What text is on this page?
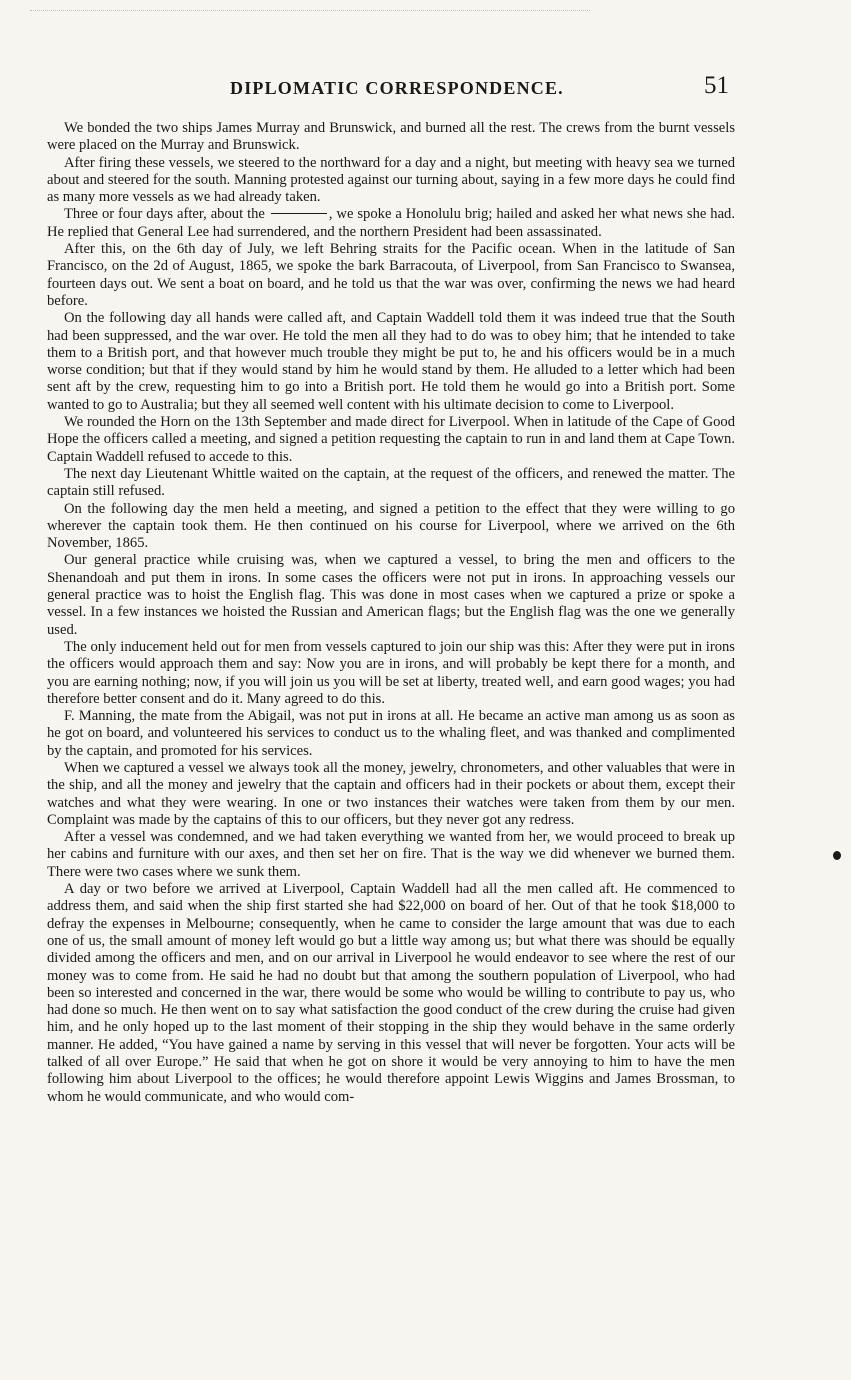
DIPLOMATIC CORRESPONDENCE.	51

We bonded the two ships James Murray and Brunswick, and burned all the rest. The crews from the burnt vessels were placed on the Murray and Brunswick.

After firing these vessels, we steered to the northward for a day and a night, but meeting with heavy sea we turned about and steered for the south. Manning protested against our turning about, saying in a few more days he could find as many more vessels as we had already taken.

Three or four days after, about the	, we spoke a Honolulu brig; hailed and asked her what news she had. He replied that General Lee had surrendered, and the northern President had been assassinated.

After this, on the 6th day of July, we left Behring straits for the Pacific ocean. When in the latitude of San Francisco, on the 2d of August, 1865, we spoke the bark Barracouta, of Liverpool, from San Francisco to Swansea, fourteen days out. We sent a boat on board, and he told us that the war was over, confirming the news we had heard before.

On the following day all hands were called aft, and Captain Waddell told them it was indeed true that the South had been suppressed, and the war over. He told the men all they had to do was to obey him; that he intended to take them to a British port, and that however much trouble they might be put to, he and his officers would be in a much worse condition; but that if they would stand by him he would stand by them. He alluded to a letter which had been sent aft by the crew, requesting him to go into a British port. He told them he would go into a British port. Some wanted to go to Australia; but they all seemed well content with his ultimate decision to come to Liverpool.

We rounded the Horn on the 13th September and made direct for Liverpool. When in latitude of the Cape of Good Hope the officers called a meeting, and signed a petition requesting the captain to run in and land them at Cape Town. Captain Waddell refused to accede to this.

The next day Lieutenant Whittle waited on the captain, at the request of the officers, and renewed the matter. The captain still refused.

On the following day the men held a meeting, and signed a petition to the effect that they were willing to go wherever the captain took them. He then continued on his course for Liverpool, where we arrived on the 6th November, 1865.

Our general practice while cruising was, when we captured a vessel, to bring the men and officers to the Shenandoah and put them in irons. In some cases the officers were not put in irons. In approaching vessels our general practice was to hoist the English flag. This was done in most cases when we captured a prize or spoke a vessel. In a few instances we hoisted the Russian and American flags; but the English flag was the one we generally used.

The only inducement held out for men from vessels captured to join our ship was this: After they were put in irons the officers would approach them and say: Now you are in irons, and will probably be kept there for a month, and you are earning nothing; now, if you will join us you will be set at liberty, treated well, and earn good wages; you had therefore better consent and do it. Many agreed to do this.

F. Manning, the mate from the Abigail, was not put in irons at all. He became an active man among us as soon as he got on board, and volunteered his services to conduct us to the whaling fleet, and was thanked and complimented by the captain, and promoted for his services.

When we captured a vessel we always took all the money, jewelry, chronometers, and other valuables that were in the ship, and all the money and jewelry that the captain and officers had in their pockets or about them, except their watches and what they were wearing. In one or two instances their watches were taken from them by our men. Complaint was made by the captains of this to our officers, but they never got any redress.

After a vessel was condemned, and we had taken everything we wanted from her, we would proceed to break up her cabins and furniture with our axes, and then set her on fire. That is the way we did whenever we burned them. There were two cases where we sunk them.

A day or two before we arrived at Liverpool, Captain Waddell had all the men called aft. He commenced to address them, and said when the ship first started she had $22,000 on board of her. Out of that he took $18,000 to defray the expenses in Melbourne; consequently, when he came to consider the large amount that was due to each one of us, the small amount of money left would go but a little way among us; but what there was should be equally divided among the officers and men, and on our arrival in Liverpool he would endeavor to see where the rest of our money was to come from. He said he had no doubt but that among the southern population of Liverpool, who had been so interested and concerned in the war, there would be some who would be willing to contribute to pay us, who had done so much. He then went on to say what satisfaction the good conduct of the crew during the cruise had given him, and he only hoped up to the last moment of their stopping in the ship they would behave in the same orderly manner. He added, “You have gained a name by serving in this vessel that will never be forgotten. Your acts will be talked of all over Europe.” He said that when he got on shore it would be very annoying to him to have the men following him about Liverpool to the offices; he would therefore appoint Lewis Wiggins and James Brossman, to whom he would communicate, and who would com-
